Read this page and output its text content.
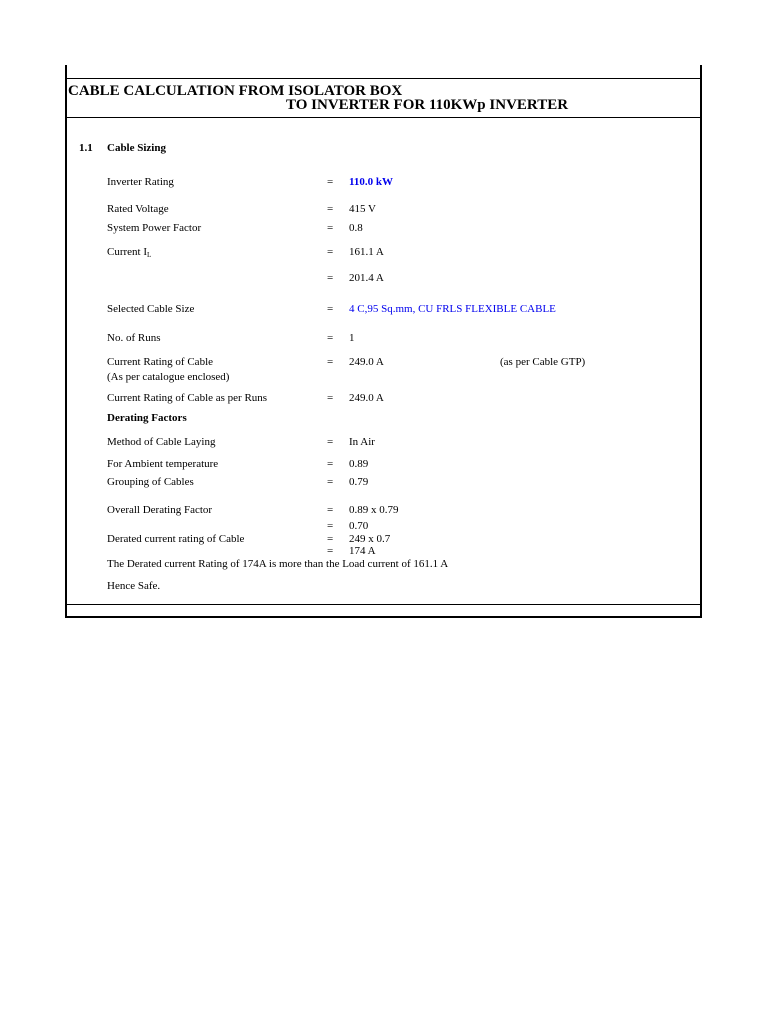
CABLE CALCULATION FROM ISOLATOR BOX
TO INVERTER FOR 110KWp INVERTER
1.1 Cable Sizing
Inverter Rating	= 110.0 kW
Rated Voltage	= 415 V
System Power Factor	= 0.8
Current $I_L$	= 161.1 A
= 201.4 A
Selected Cable Size	= 4 C,95 Sq.mm, CU FRLS FLEXIBLE CABLE
No. of Runs	= 1
Current Rating of Cable
(As per catalogue enclosed)
= 249.0 A	(as per Cable GTP)
Current Rating of Cable as per Runs	= 249.0 A
Derating Factors
Method of Cable Laying	= In Air
For Ambient temperature	= 0.89
Grouping of Cables	= 0.79
Overall Derating Factor	= 0.89 x 0.79
= 0.70
Derated current rating of Cable	= 249 x 0.7
= 174 A
The Derated current Rating of 174A is more than the Load current of 161.1 A
Hence Safe.
